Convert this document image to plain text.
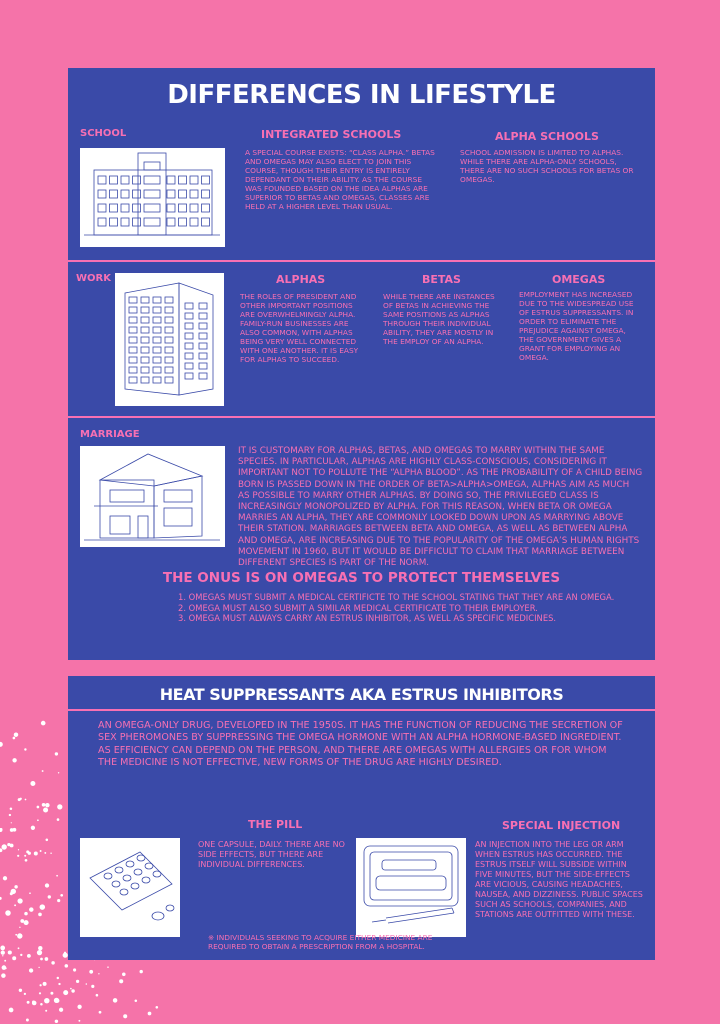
DIFFERENCES IN LIFESTYLE
SCHOOL	INTEGRATED SCHOOLS

A SPECIAL COURSE EXISTS: “CLASS ALPHA.” BETAS AND OMEGAS MAY ALSO ELECT TO JOIN THIS COURSE, THOUGH THEIR ENTRY IS ENTIRELY DEPENDANT ON THEIR ABILITY. AS THE COURSE WAS FOUNDED BASED ON THE IDEA ALPHAS ARE SUPERIOR TO BETAS AND OMEGAS, CLASSES ARE HELD AT A HIGHER LEVEL THAN USUAL.

ALPHA SCHOOLS

SCHOOL ADMISSION IS LIMITED TO ALPHAS. WHILE THERE ARE ALPHA-ONLY SCHOOLS, THERE ARE NO SUCH SCHOOLS FOR BETAS OR OMEGAS.

WORK	ALPHAS

THE ROLES OF PRESIDENT AND OTHER IMPORTANT POSITIONS ARE OVERWHELMINGLY ALPHA. FAMILY-RUN BUSINESSES ARE ALSO COMMON, WITH ALPHAS BEING VERY WELL CONNECTED WITH ONE ANOTHER. IT IS EASY FOR ALPHAS TO SUCCEED.

BETAS

WHILE THERE ARE INSTANCES OF BETAS IN ACHIEVING THE SAME POSITIONS AS ALPHAS THROUGH THEIR INDIVIDUAL ABILITY, THEY ARE MOSTLY IN THE EMPLOY OF AN ALPHA.

OMEGAS

EMPLOYMENT HAS INCREASED DUE TO THE WIDESPREAD USE OF ESTRUS SUPPRESSANTS. IN ORDER TO ELIMINATE THE PREJUDICE AGAINST OMEGA, THE GOVERNMENT GIVES A GRANT FOR EMPLOYING AN OMEGA.

MARRIAGE

IT IS CUSTOMARY FOR ALPHAS, BETAS, AND OMEGAS TO MARRY WITHIN THE SAME SPECIES. IN PARTICULAR, ALPHAS ARE HIGHLY CLASS-CONSCIOUS, CONSIDERING IT IMPORTANT NOT TO POLLUTE THE “ALPHA BLOOD”. AS THE PROBABILITY OF A CHILD BEING BORN IS PASSED DOWN IN THE ORDER OF BETA>ALPHA>OMEGA, ALPHAS AIM AS MUCH AS POSSIBLE TO MARRY OTHER ALPHAS. BY DOING SO, THE PRIVILEGED CLASS IS INCREASINGLY MONOPOLIZED BY ALPHA. FOR THIS REASON, WHEN BETA OR OMEGA MARRIES AN ALPHA, THEY ARE COMMONLY LOOKED DOWN UPON AS MARRYING ABOVE THEIR STATION. MARRIAGES BETWEEN BETA AND OMEGA, AS WELL AS BETWEEN ALPHA AND OMEGA, ARE INCREASING DUE TO THE POPULARITY OF THE OMEGA’S HUMAN RIGHTS MOVEMENT IN 1960, BUT IT WOULD BE DIFFICULT TO CLAIM THAT MARRIAGE BETWEEN DIFFERENT SPECIES IS PART OF THE NORM.

THE ONUS IS ON OMEGAS TO PROTECT THEMSELVES
1. OMEGAS MUST SUBMIT A MEDICAL CERTIFICTE TO THE SCHOOL STATING THAT THEY ARE AN OMEGA.
2. OMEGA MUST ALSO SUBMIT A SIMILAR MEDICAL CERTIFICATE TO THEIR EMPLOYER.
3. OMEGA MUST ALWAYS CARRY AN ESTRUS INHIBITOR, AS WELL AS SPECIFIC MEDICINES.
HEAT SUPPRESSANTS AKA ESTRUS INHIBITORS

AN OMEGA-ONLY DRUG, DEVELOPED IN THE 1950S. IT HAS THE FUNCTION OF REDUCING THE SECRETION OF SEX PHEROMONES BY SUPPRESSING THE OMEGA HORMONE WITH AN ALPHA HORMONE-BASED INGREDIENT. AS EFFICIENCY CAN DEPEND ON THE PERSON, AND THERE ARE OMEGAS WITH ALLERGIES OR FOR WHOM THE MEDICINE IS NOT EFFECTIVE, NEW FORMS OF THE DRUG ARE HIGHLY DESIRED.

THE PILL

ONE CAPSULE, DAILY. THERE ARE NO SIDE EFFECTS, BUT THERE ARE INDIVIDUAL DIFFERENCES.

SPECIAL INJECTION

AN INJECTION INTO THE LEG OR ARM WHEN ESTRUS HAS OCCURRED. THE ESTRUS ITSELF WILL SUBSIDE WITHIN FIVE MINUTES, BUT THE SIDE-EFFECTS ARE VICIOUS, CAUSING HEADACHES, NAUSEA, AND DIZZINESS. PUBLIC SPACES SUCH AS SCHOOLS, COMPANIES, AND STATIONS ARE OUTFITTED WITH THESE.

※ INDIVIDUALS SEEKING TO ACQUIRE EITHER MEDICINE ARE REQUIRED TO OBTAIN A PRESCRIPTION FROM A HOSPITAL.
